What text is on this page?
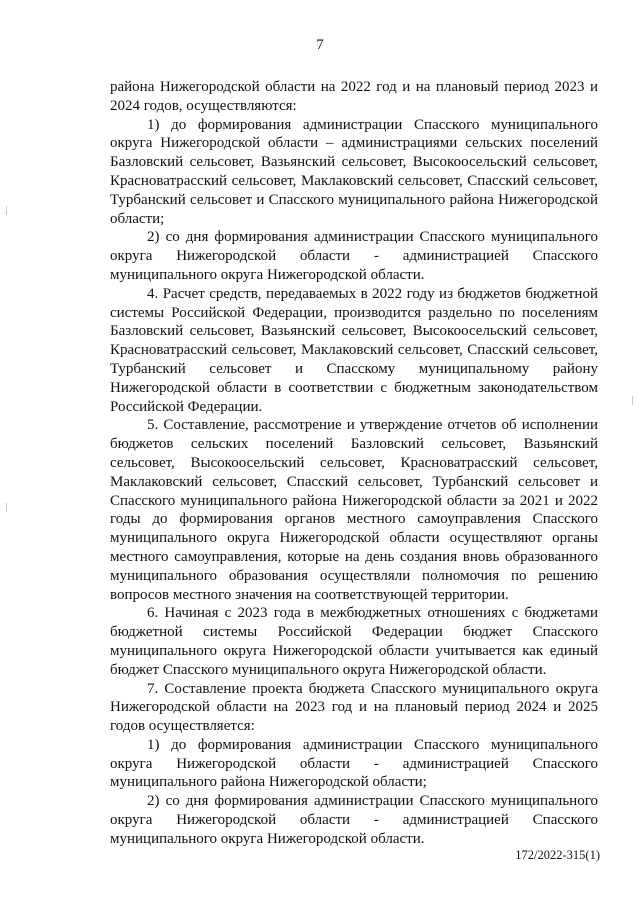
7

района Нижегородской области на 2022 год и на плановый период 2023 и 2024 годов, осуществляются:

1) до формирования администрации Спасского муниципального округа Нижегородской области – администрациями сельских поселений Базловский сельсовет, Вазьянский сельсовет, Высокоосельский сельсовет, Красноватрасский сельсовет, Маклаковский сельсовет, Спасский сельсовет, Турбанский сельсовет и Спасского муниципального района Нижегородской области;

2) со дня формирования администрации Спасского муниципального округа Нижегородской области - администрацией Спасского муниципального округа Нижегородской области.

4. Расчет средств, передаваемых в 2022 году из бюджетов бюджетной системы Российской Федерации, производится раздельно по поселениям Базловский сельсовет, Вазьянский сельсовет, Высокоосельский сельсовет, Красноватрасский сельсовет, Маклаковский сельсовет, Спасский сельсовет, Турбанский сельсовет и Спасскому муниципальному району Нижегородской области в соответствии с бюджетным законодательством Российской Федерации.

5. Составление, рассмотрение и утверждение отчетов об исполнении бюджетов сельских поселений Базловский сельсовет, Вазьянский сельсовет, Высокоосельский сельсовет, Красноватрасский сельсовет, Маклаковский сельсовет, Спасский сельсовет, Турбанский сельсовет и Спасского муниципального района Нижегородской области за 2021 и 2022 годы до формирования органов местного самоуправления Спасского муниципального округа Нижегородской области осуществляют органы местного самоуправления, которые на день создания вновь образованного муниципального образования осуществляли полномочия по решению вопросов местного значения на соответствующей территории.

6. Начиная с 2023 года в межбюджетных отношениях с бюджетами бюджетной системы Российской Федерации бюджет Спасского муниципального округа Нижегородской области учитывается как единый бюджет Спасского муниципального округа Нижегородской области.

7. Составление проекта бюджета Спасского муниципального округа Нижегородской области на 2023 год и на плановый период 2024 и 2025 годов осуществляется:

1) до формирования администрации Спасского муниципального округа Нижегородской области - администрацией Спасского муниципального района Нижегородской области;

2) со дня формирования администрации Спасского муниципального округа Нижегородской области - администрацией Спасского муниципального округа Нижегородской области.

172/2022-315(1)
